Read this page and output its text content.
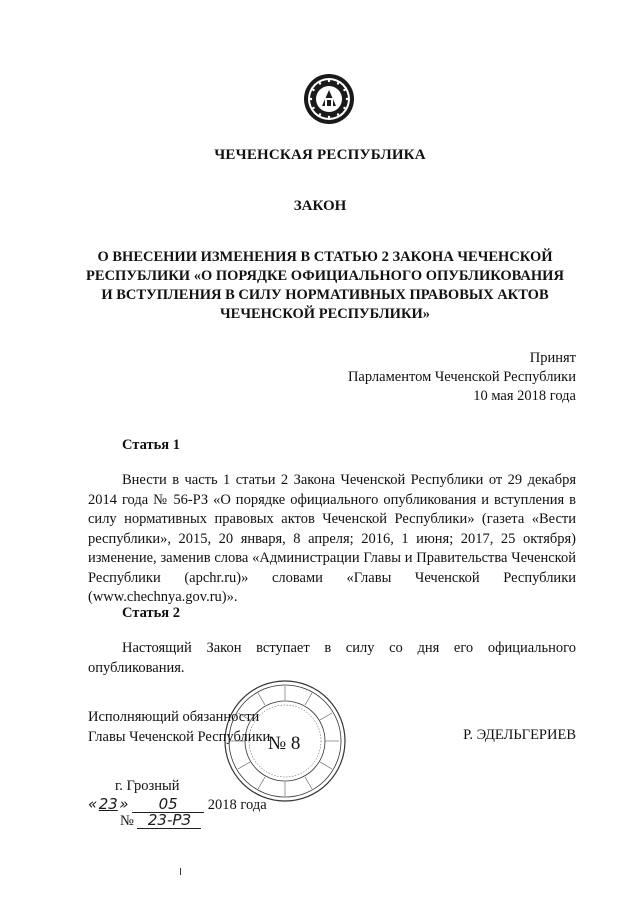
ЧЕЧЕНСКАЯ РЕСПУБЛИКА
ЗАКОН
О ВНЕСЕНИИ ИЗМЕНЕНИЯ В СТАТЬЮ 2 ЗАКОНА ЧЕЧЕНСКОЙ
РЕСПУБЛИКИ «О ПОРЯДКЕ ОФИЦИАЛЬНОГО ОПУБЛИКОВАНИЯ
И ВСТУПЛЕНИЯ В СИЛУ НОРМАТИВНЫХ ПРАВОВЫХ АКТОВ
ЧЕЧЕНСКОЙ РЕСПУБЛИКИ»
Принят
Парламентом Чеченской Республики
10 мая 2018 года
Статья 1
Внести в часть 1 статьи 2 Закона Чеченской Республики от 29 декабря 2014 года № 56-РЗ «О порядке официального опубликования и вступления в силу нормативных правовых актов Чеченской Республики» (газета «Вести республики», 2015, 20 января, 8 апреля; 2016, 1 июня; 2017, 25 октября) изменение, заменив слова «Администрации Главы и Правительства Чеченской Республики (apchr.ru)» словами «Главы Чеченской Республики (www.chechnya.gov.ru)».
Статья 2
Настоящий Закон вступает в силу со дня его официального опубликования.
Исполняющий обязанности
Главы Чеченской Республики
№ 8	Р. ЭДЕЛЬГЕРИЕВ
г. Грозный
«23» 05 2018 года
№ 23-РЗ
